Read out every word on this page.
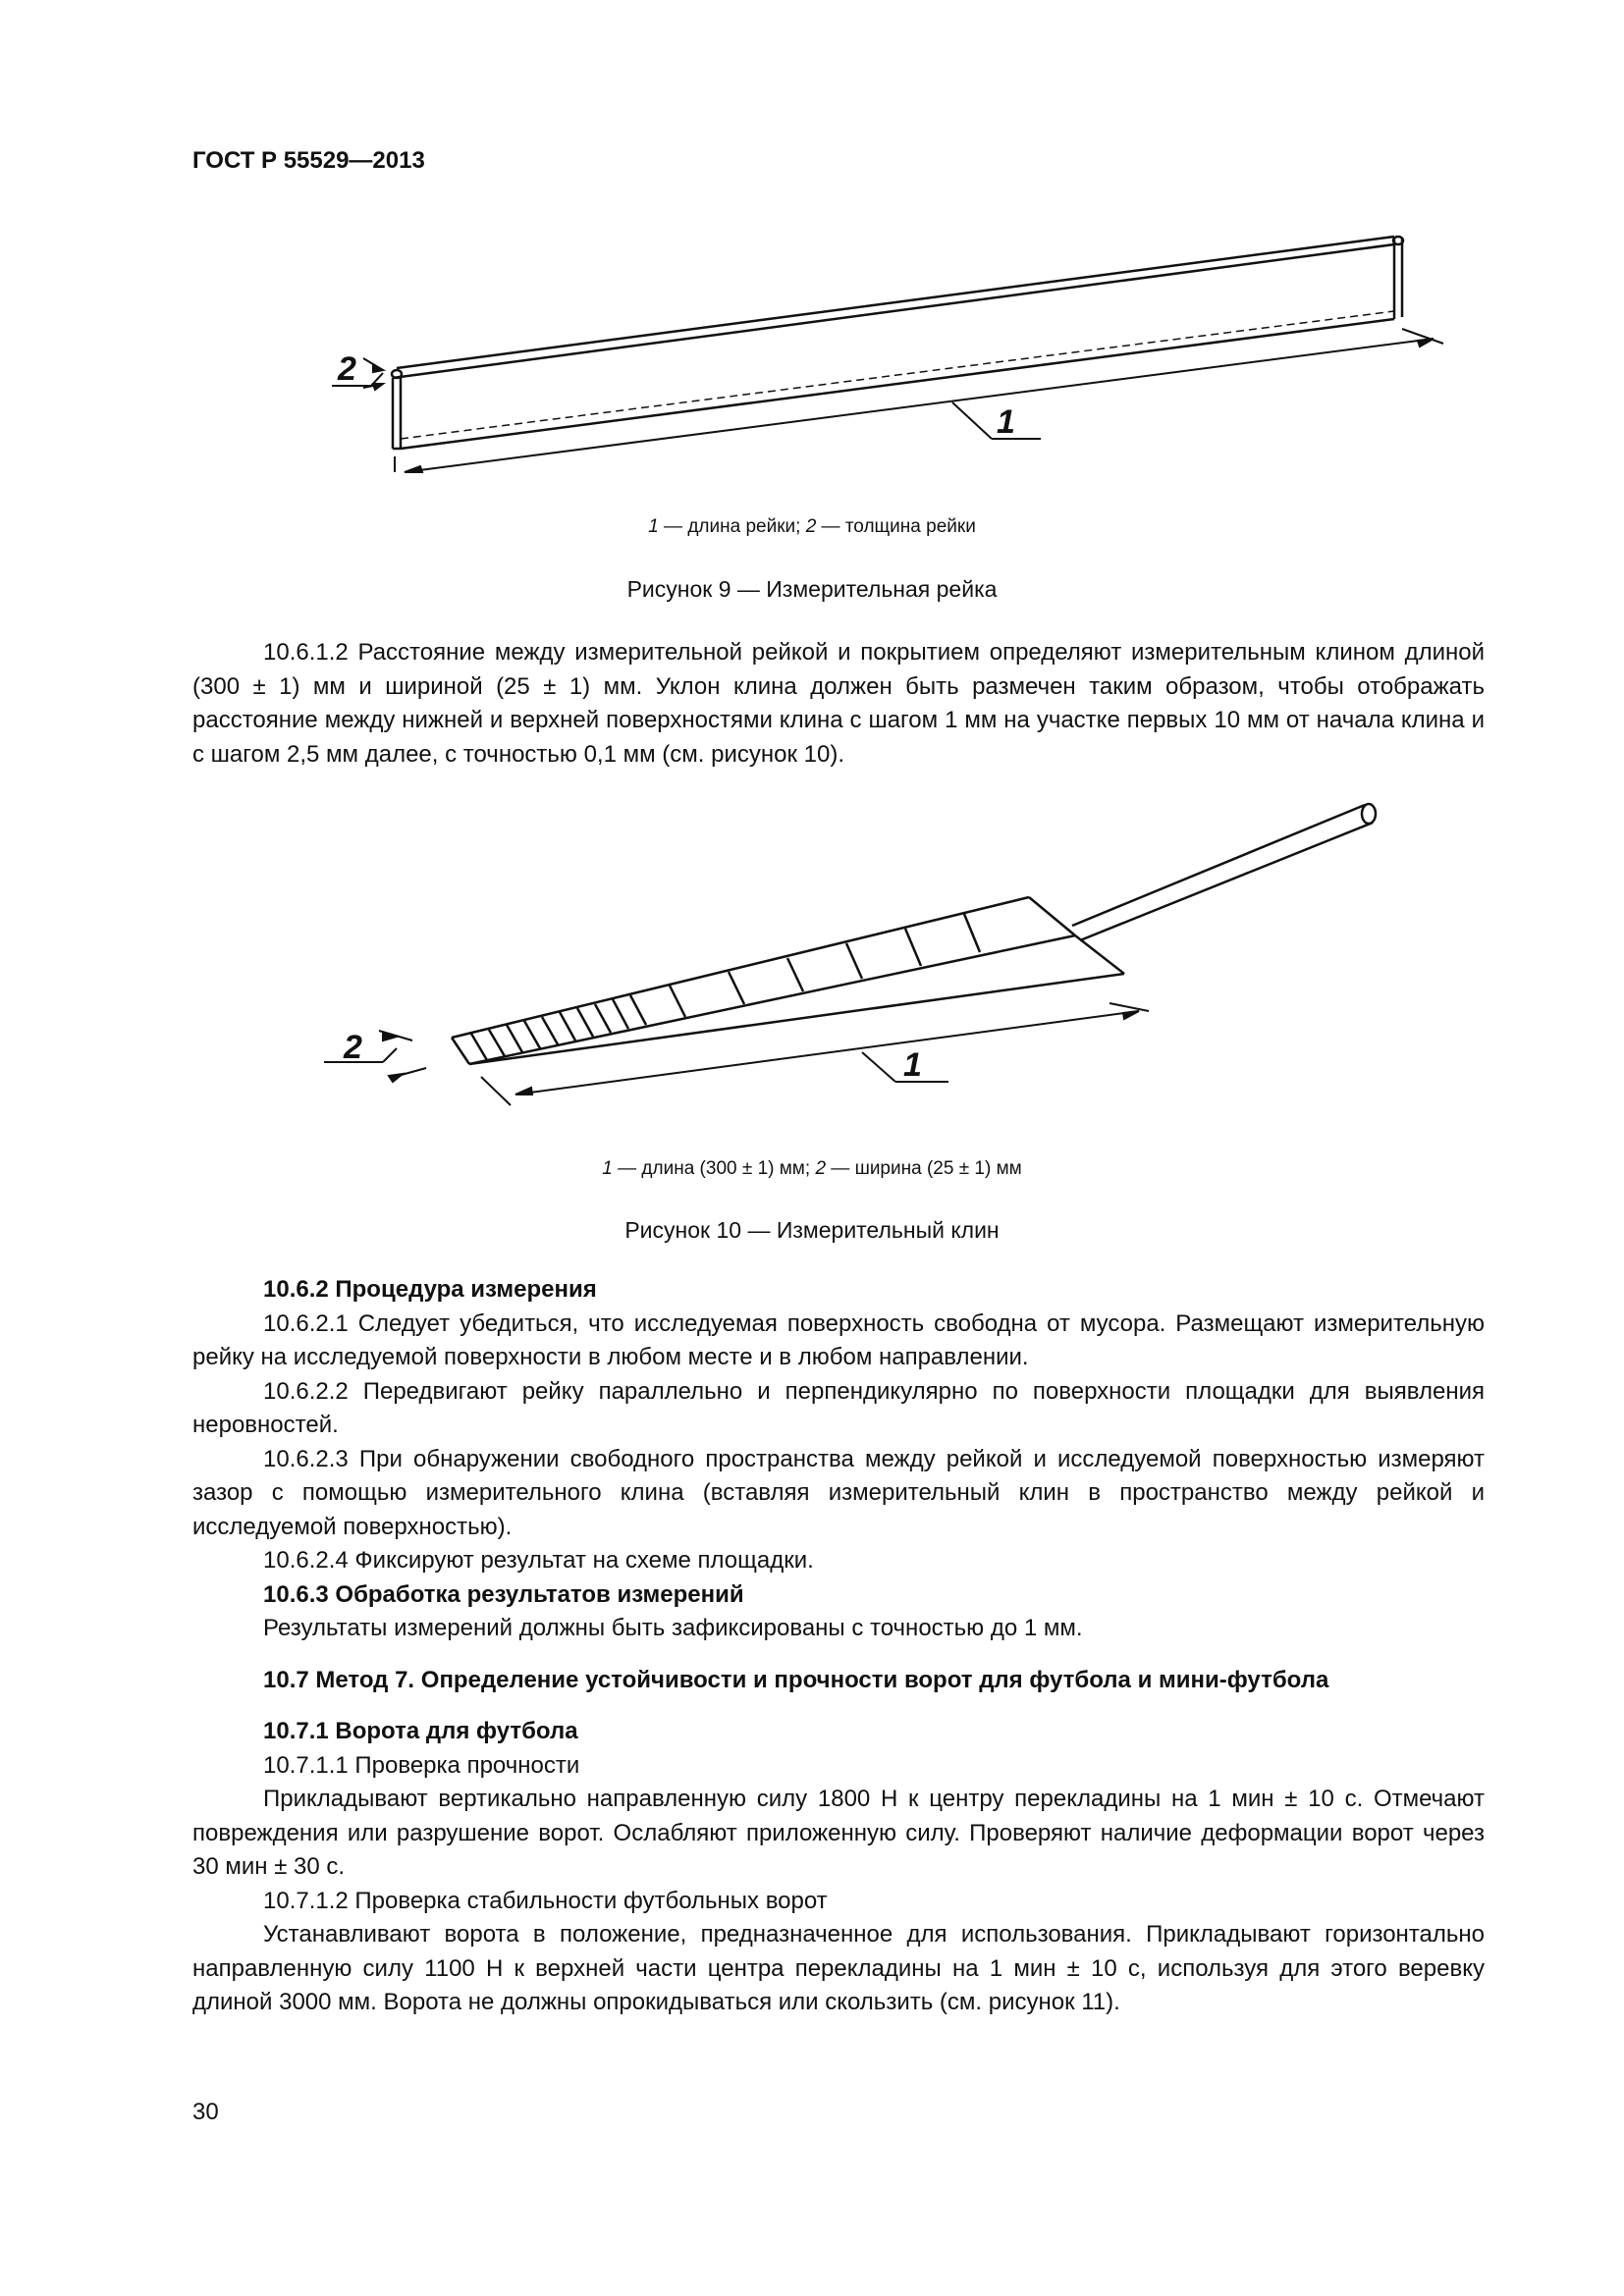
ГОСТ Р 55529—2013
1
2
1 — длина рейки; 2 — толщина рейки
Рисунок 9 — Измерительная рейка

10.6.1.2 Расстояние между измерительной рейкой и покрытием определяют измерительным клином длиной (300 ± 1) мм и шириной (25 ± 1) мм. Уклон клина должен быть размечен таким образом, чтобы отображать расстояние между нижней и верхней поверхностями клина с шагом 1 мм на участке первых 10 мм от начала клина и с шагом 2,5 мм далее, с точностью 0,1 мм (см. рисунок 10).

1
2
1 — длина (300 ± 1) мм; 2 — ширина (25 ± 1) мм
Рисунок 10 — Измерительный клин

10.6.2 Процедура измерения

10.6.2.1 Следует убедиться, что исследуемая поверхность свободна от мусора. Размещают измерительную рейку на исследуемой поверхности в любом месте и в любом направлении.

10.6.2.2 Передвигают рейку параллельно и перпендикулярно по поверхности площадки для выявления неровностей.

10.6.2.3 При обнаружении свободного пространства между рейкой и исследуемой поверхностью измеряют зазор с помощью измерительного клина (вставляя измерительный клин в пространство между рейкой и исследуемой поверхностью).

10.6.2.4 Фиксируют результат на схеме площадки.

10.6.3 Обработка результатов измерений

Результаты измерений должны быть зафиксированы с точностью до 1 мм.

10.7 Метод 7. Определение устойчивости и прочности ворот для футбола и мини-футбола

10.7.1 Ворота для футбола

10.7.1.1 Проверка прочности

Прикладывают вертикально направленную силу 1800 Н к центру перекладины на 1 мин ± 10 с. Отмечают повреждения или разрушение ворот. Ослабляют приложенную силу. Проверяют наличие деформации ворот через 30 мин ± 30 с.

10.7.1.2 Проверка стабильности футбольных ворот

Устанавливают ворота в положение, предназначенное для использования. Прикладывают горизонтально направленную силу 1100 Н к верхней части центра перекладины на 1 мин ± 10 с, используя для этого веревку длиной 3000 мм. Ворота не должны опрокидываться или скользить (см. рисунок 11).

30
